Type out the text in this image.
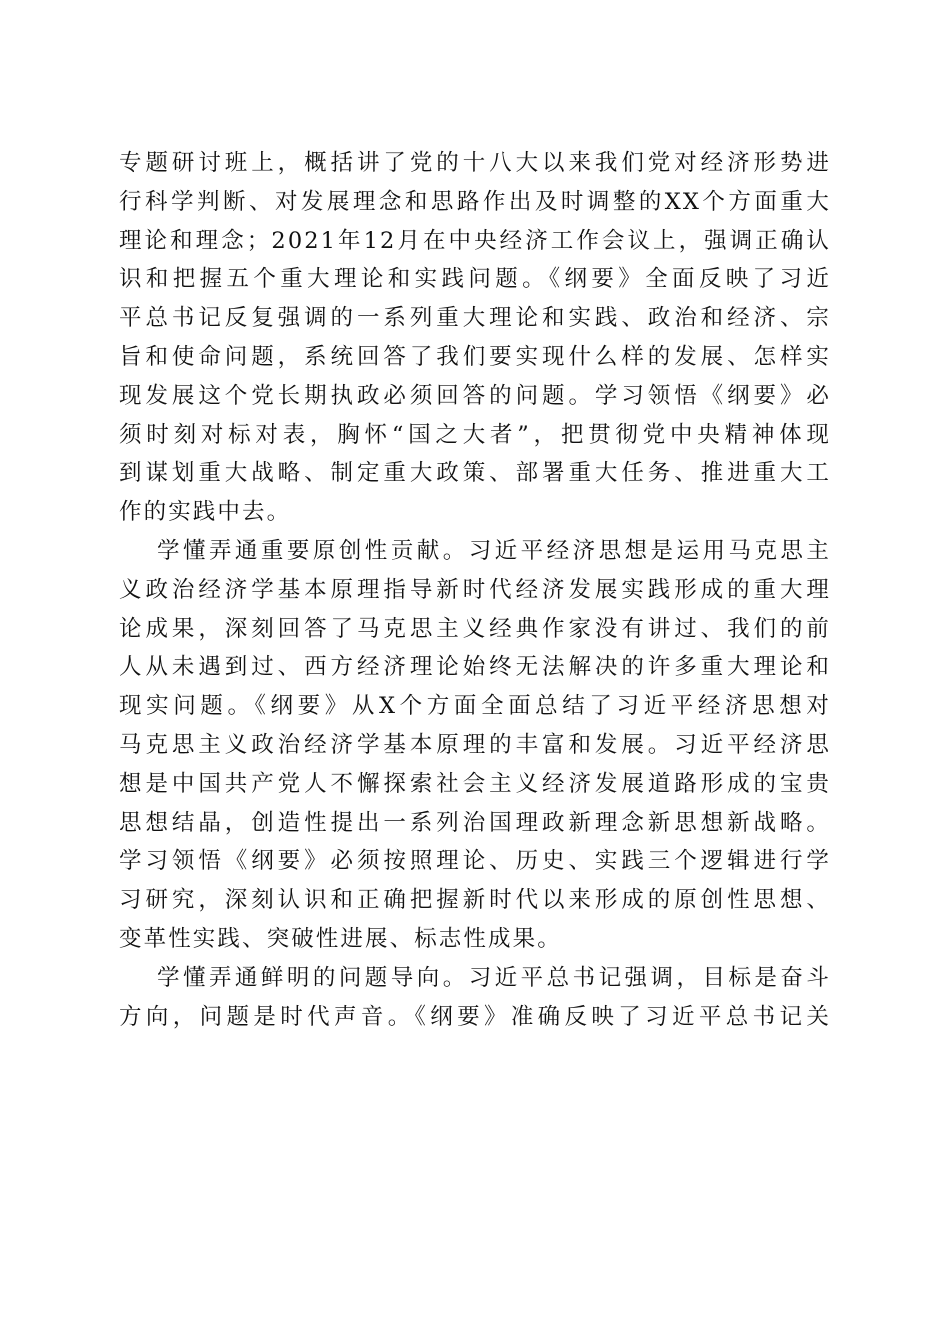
专题研讨班上，概括讲了党的十八大以来我们党对经济形势进
行科学判断、对发展理念和思路作出及时调整的XX个方面重大
理论和理念；2021年12月在中央经济工作会议上，强调正确认
识和把握五个重大理论和实践问题。《纲要》全面反映了习近
平总书记反复强调的一系列重大理论和实践、政治和经济、宗
旨和使命问题，系统回答了我们要实现什么样的发展、怎样实
现发展这个党长期执政必须回答的问题。学习领悟《纲要》必
须时刻对标对表，胸怀“国之大者”，把贯彻党中央精神体现
到谋划重大战略、制定重大政策、部署重大任务、推进重大工
作的实践中去。
学懂弄通重要原创性贡献。习近平经济思想是运用马克思主
义政治经济学基本原理指导新时代经济发展实践形成的重大理
论成果，深刻回答了马克思主义经典作家没有讲过、我们的前
人从未遇到过、西方经济理论始终无法解决的许多重大理论和
现实问题。《纲要》从X个方面全面总结了习近平经济思想对
马克思主义政治经济学基本原理的丰富和发展。习近平经济思
想是中国共产党人不懈探索社会主义经济发展道路形成的宝贵
思想结晶，创造性提出一系列治国理政新理念新思想新战略。
学习领悟《纲要》必须按照理论、历史、实践三个逻辑进行学
习研究，深刻认识和正确把握新时代以来形成的原创性思想、
变革性实践、突破性进展、标志性成果。
学懂弄通鲜明的问题导向。习近平总书记强调，目标是奋斗
方向，问题是时代声音。《纲要》准确反映了习近平总书记关
